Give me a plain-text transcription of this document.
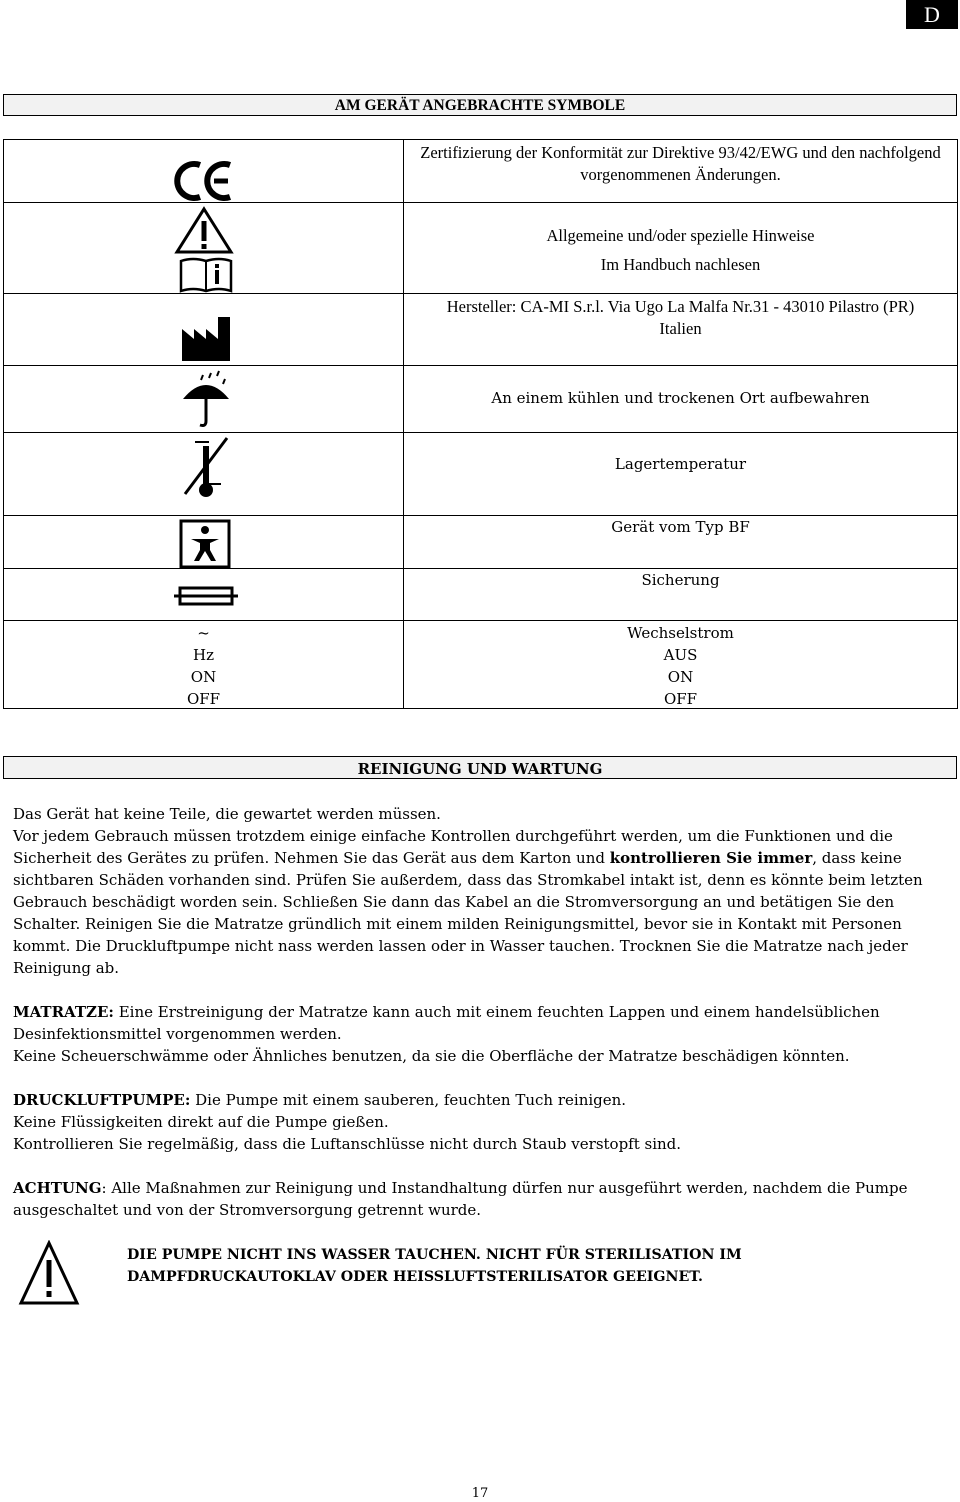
D
AM GERÄT ANGEBRACHTE SYMBOLE
Zertifizierung der Konformität zur Direktive 93/42/EWG und den nachfolgend vorgenommenen Änderungen.
Allgemeine und/oder spezielle Hinweise
Im Handbuch nachlesen
Hersteller: CA-MI S.r.l. Via Ugo La Malfa Nr.31 - 43010 Pilastro (PR)
Italien
An einem kühlen und trockenen Ort aufbewahren
Lagertemperatur
Gerät vom Typ BF
Sicherung
~	Wechselstrom
Hz	AUS
ON	ON
OFF	OFF
REINIGUNG UND WARTUNG

Das Gerät hat keine Teile, die gewartet werden müssen.

Vor jedem Gebrauch müssen trotzdem einige einfache Kontrollen durchgeführt werden, um die Funktionen und die Sicherheit des Gerätes zu prüfen. Nehmen Sie das Gerät aus dem Karton und kontrollieren Sie immer, dass keine sichtbaren Schäden vorhanden sind. Prüfen Sie außerdem, dass das Stromkabel intakt ist, denn es könnte beim letzten Gebrauch beschädigt worden sein. Schließen Sie dann das Kabel an die Stromversorgung an und betätigen Sie den Schalter. Reinigen Sie die Matratze gründlich mit einem milden Reinigungsmittel, bevor sie in Kontakt mit Personen kommt. Die Druckluftpumpe nicht nass werden lassen oder in Wasser tauchen. Trocknen Sie die Matratze nach jeder Reinigung ab.

MATRATZE: Eine Erstreinigung der Matratze kann auch mit einem feuchten Lappen und einem handelsüblichen Desinfektionsmittel vorgenommen werden.

Keine Scheuerschwämme oder Ähnliches benutzen, da sie die Oberfläche der Matratze beschädigen könnten.

DRUCKLUFTPUMPE: Die Pumpe mit einem sauberen, feuchten Tuch reinigen.

Keine Flüssigkeiten direkt auf die Pumpe gießen.

Kontrollieren Sie regelmäßig, dass die Luftanschlüsse nicht durch Staub verstopft sind.

ACHTUNG: Alle Maßnahmen zur Reinigung und Instandhaltung dürfen nur ausgeführt werden, nachdem die Pumpe ausgeschaltet und von der Stromversorgung getrennt wurde.

DIE PUMPE NICHT INS WASSER TAUCHEN. NICHT FÜR STERILISATION IM
DAMPFDRUCKAUTOKLAV ODER HEISSLUFTSTERILISATOR GEEIGNET.
17
